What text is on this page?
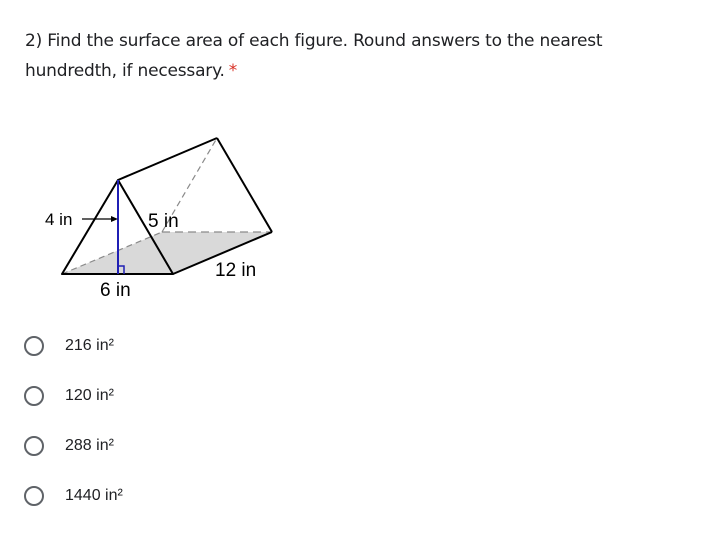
2) Find the surface area of each figure. Round answers to the nearest hundredth, if necessary. *
4 in	5 in
6 in
12 in
216 in²
120 in²
288 in²
1440 in²
